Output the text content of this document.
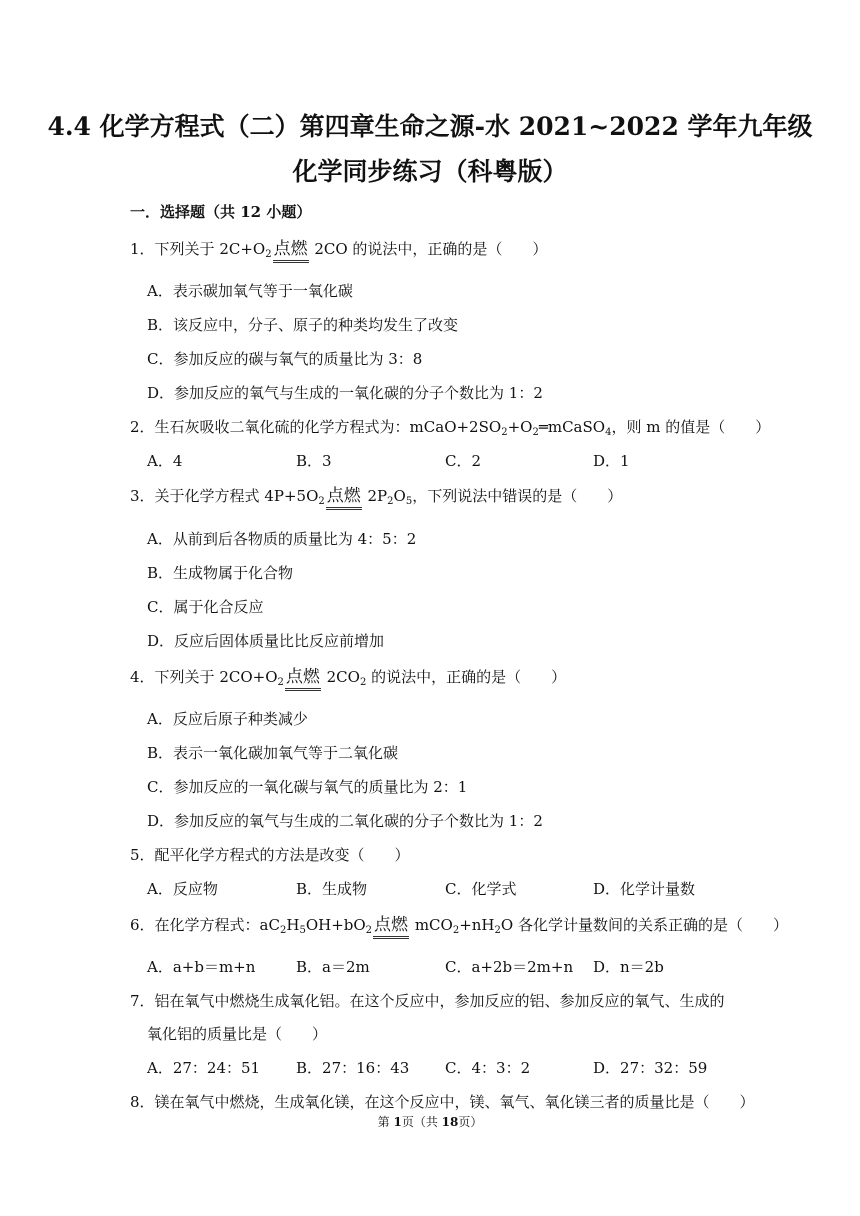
4.4 化学方程式（二）第四章生命之源-水 2021~2022 学年九年级
化学同步练习（科粤版）
一．选择题（共 12 小题）
1．下列关于 $2C+O_2$ 点燃 2CO 的说法中，正确的是（　　）
A．表示碳加氧气等于一氧化碳
B．该反应中，分子、原子的种类均发生了改变
C．参加反应的碳与氧气的质量比为 3：8
D．参加反应的氧气与生成的一氧化碳的分子个数比为 1：2
2．生石灰吸收二氧化硫的化学方程式为：$mCaO+2SO_2+O_2═mCaSO_4$，则 m 的值是（　　）
A．4	B．3	C．2	D．1
3．关于化学方程式 $4P+5O_2$ 点燃 $2P_2O_5$，下列说法中错误的是（　　）
A．从前到后各物质的质量比为 4：5：2
B．生成物属于化合物
C．属于化合反应
D．反应后固体质量比比反应前增加
4．下列关于 $2CO+O_2$ 点燃 $2CO_2$ 的说法中，正确的是（　　）
A．反应后原子种类减少
B．表示一氧化碳加氧气等于二氧化碳
C．参加反应的一氧化碳与氧气的质量比为 2：1
D．参加反应的氧气与生成的二氧化碳的分子个数比为 1：2
5．配平化学方程式的方法是改变（　　）
A．反应物	B．生成物	C．化学式	D．化学计量数
6．在化学方程式：$aC_2H_5OH+bO_2$ 点燃 $mCO_2+nH_2O$ 各化学计量数间的关系正确的是（　　）
A．a+b＝m+n	B．a＝2m	C．a+2b＝2m+n D．n＝2b
7．铝在氧气中燃烧生成氧化铝。在这个反应中，参加反应的铝、参加反应的氧气、生成的
氧化铝的质量比是（　　）
A．27：24：51 B．27：16：43 C．4：3：2	D．27：32：59
8．镁在氧气中燃烧，生成氧化镁，在这个反应中，镁、氧气、氧化镁三者的质量比是（　　）
第 1页（共 18页）
